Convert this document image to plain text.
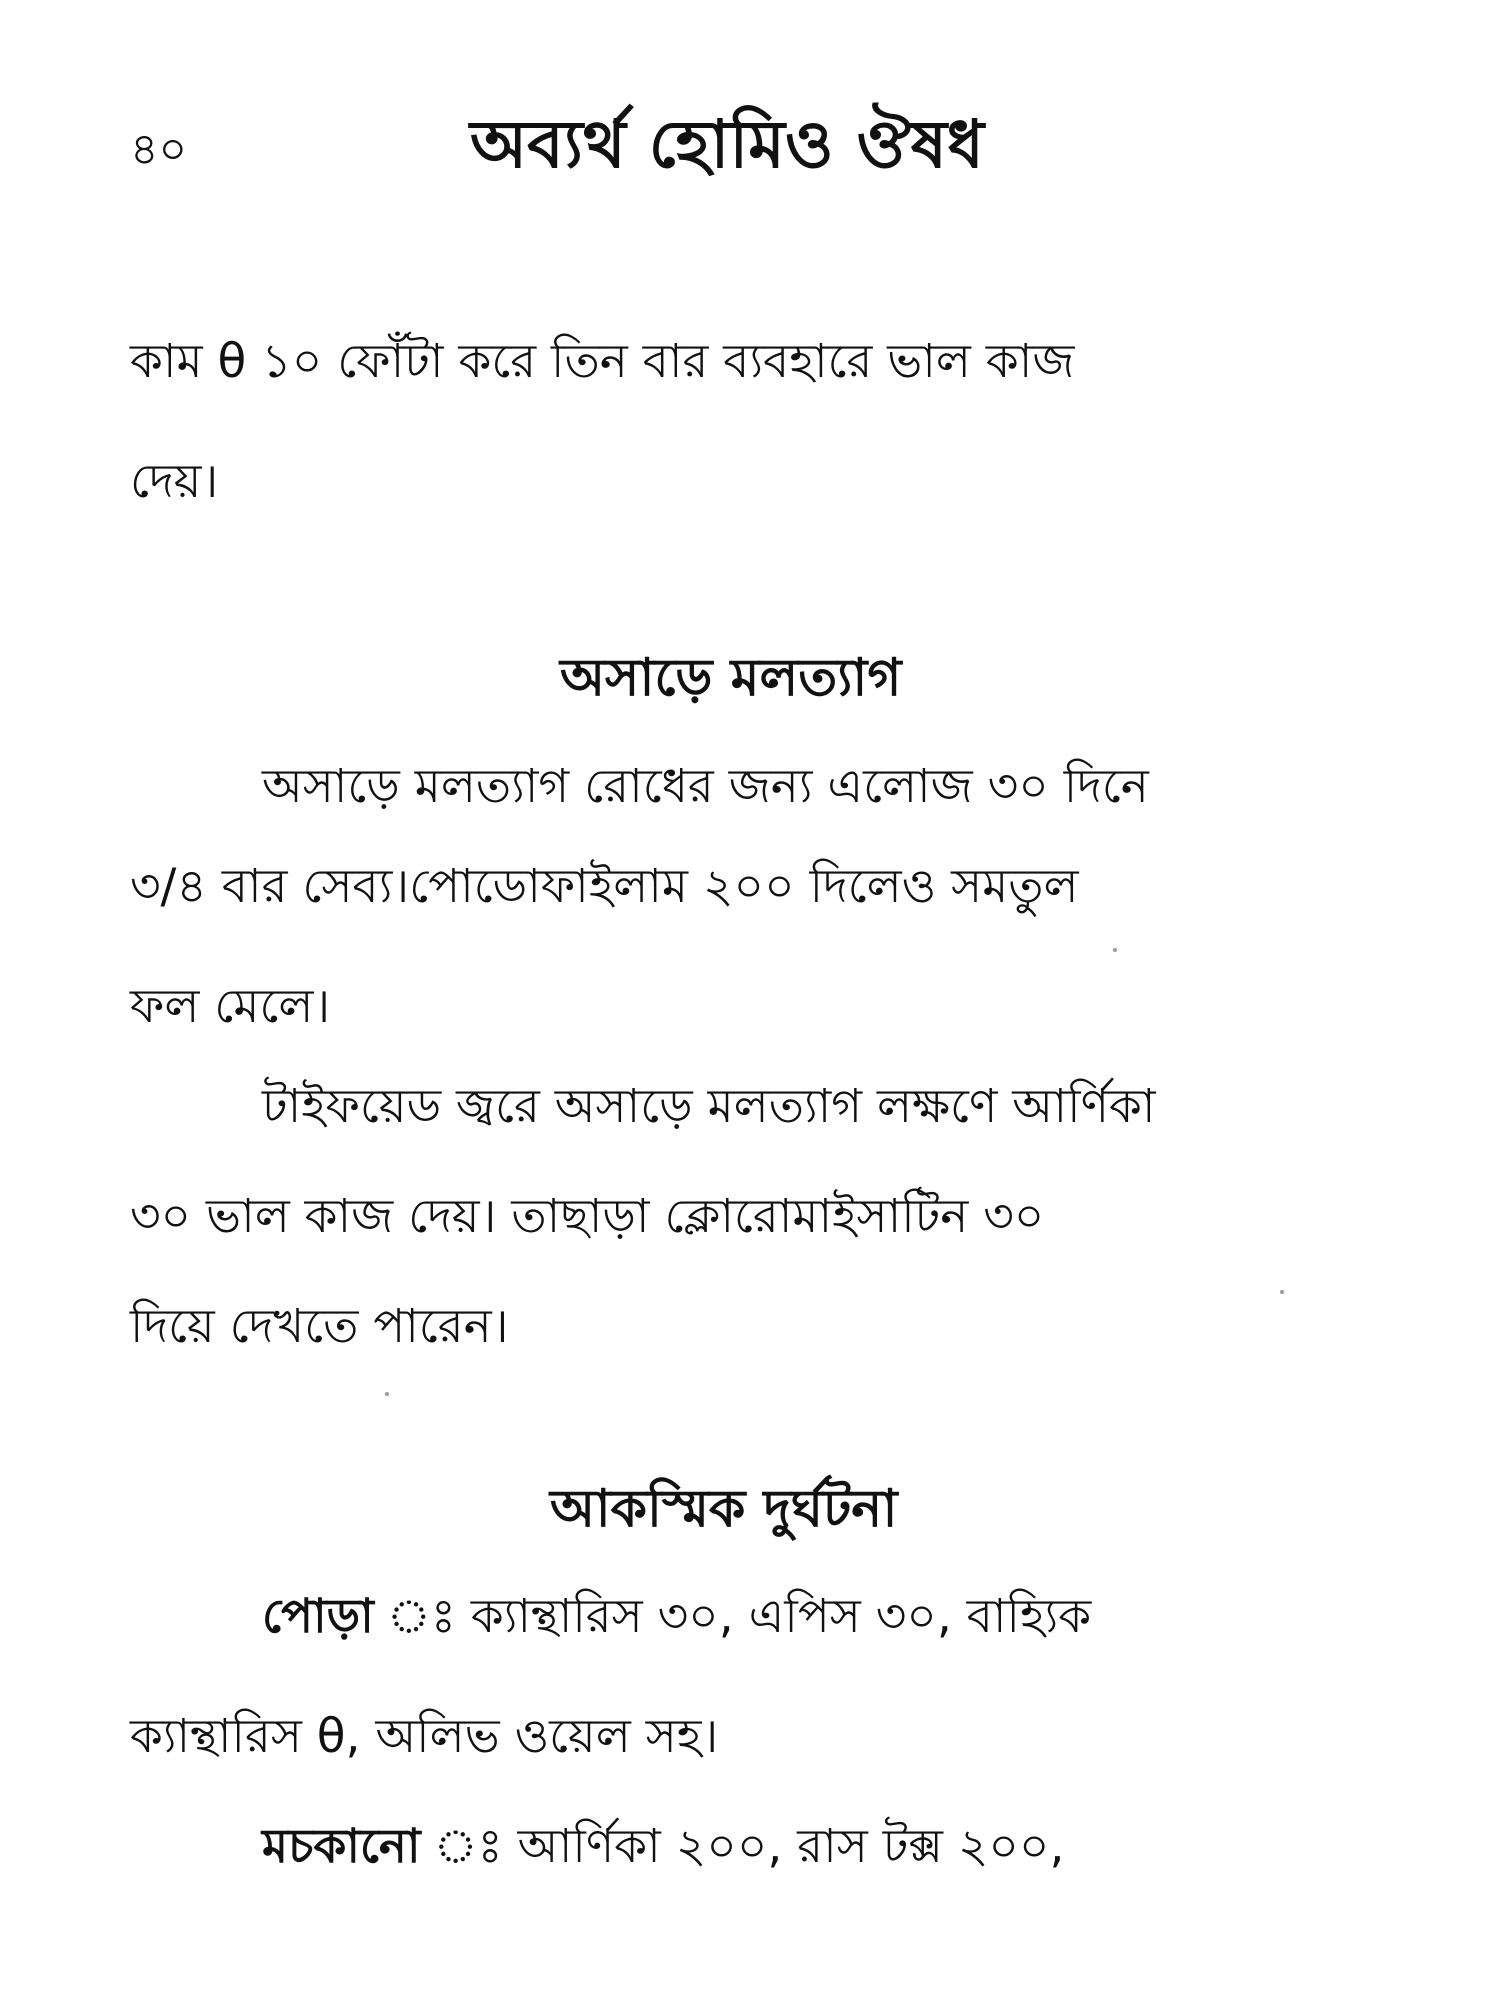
৪০	অব্যর্থ হোমিও ঔষধ
কাম θ ১০ ফোঁটা করে তিন বার ব্যবহারে ভাল কাজ
দেয়।
অসাড়ে মলত্যাগ
অসাড়ে মলত্যাগ রোধের জন্য এলোজ ৩০ দিনে
৩/৪ বার সেব্য।পোডোফাইলাম ২০০ দিলেও সমতুল
ফল মেলে।
টাইফয়েড জ্বরে অসাড়ে মলত্যাগ লক্ষণে আর্ণিকা
৩০ ভাল কাজ দেয়। তাছাড়া ক্লোরোমাইসাটিন ৩০
দিয়ে দেখতে পারেন।
আকস্মিক দুর্ঘটনা
পোড়া ঃ ক্যান্থারিস ৩০, এপিস ৩০, বাহ্যিক
ক্যান্থারিস θ, অলিভ ওয়েল সহ।
মচকানো ঃ আর্ণিকা ২০০, রাস টক্স ২০০,
